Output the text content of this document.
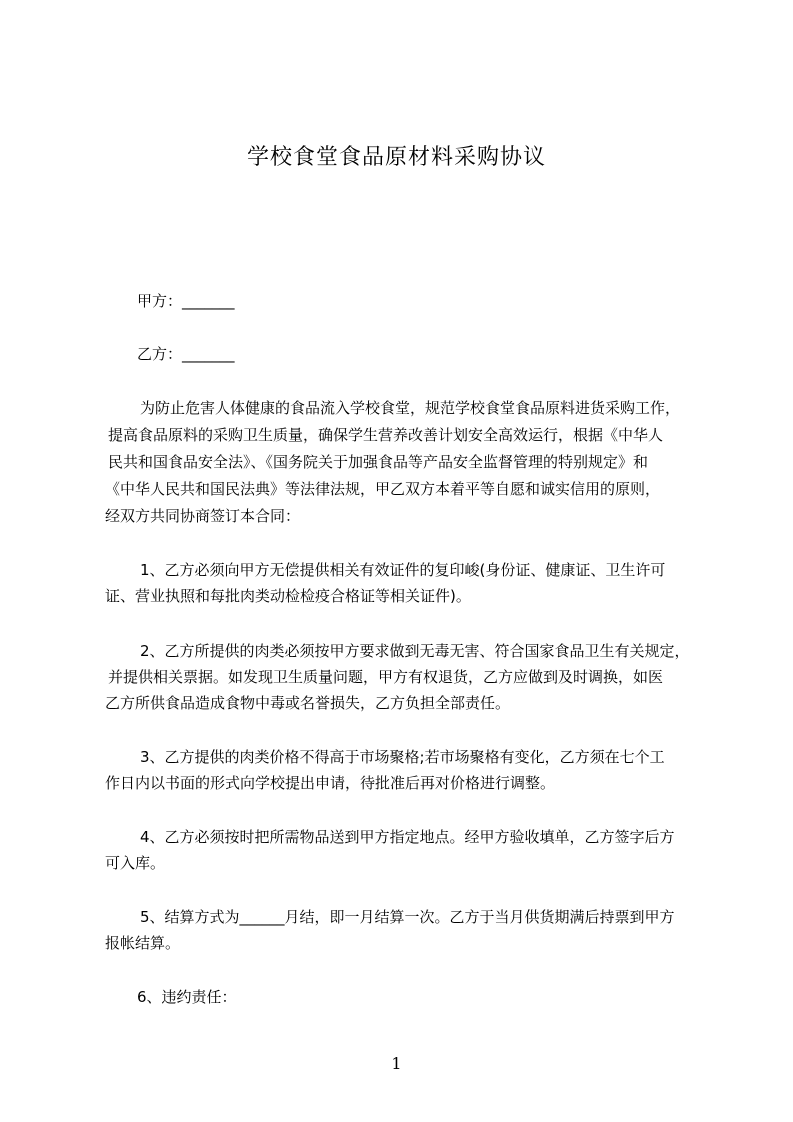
学校食堂食品原材料采购协议
甲方：_______
乙方：_______
为防止危害人体健康的食品流入学校食堂，规范学校食堂食品原料进货采购工作，
提高食品原料的采购卫生质量，确保学生营养改善计划安全高效运行，根据《中华人
民共和国食品安全法》、《国务院关于加强食品等产品安全监督管理的特别规定》和
《中华人民共和国民法典》等法律法规，甲乙双方本着平等自愿和诚实信用的原则，
经双方共同协商签订本合同：
1、乙方必须向甲方无偿提供相关有效证件的复印峻(身份证、健康证、卫生许可
证、营业执照和每批肉类动检检疫合格证等相关证件)。
2、乙方所提供的肉类必须按甲方要求做到无毒无害、符合国家食品卫生有关规定，
并提供相关票据。如发现卫生质量问题，甲方有权退货，乙方应做到及时调换，如医
乙方所供食品造成食物中毒或名誉损失，乙方负担全部责任。
3、乙方提供的肉类价格不得高于市场聚格;若市场聚格有变化，乙方须在七个工
作日内以书面的形式向学校提出申请，待批准后再对价格进行调整。
4、乙方必须按时把所需物品送到甲方指定地点。经甲方验收填单，乙方签字后方
可入库。
5、结算方式为______月结，即一月结算一次。乙方于当月供货期满后持票到甲方
报帐结算。
6、违约责任：
1
